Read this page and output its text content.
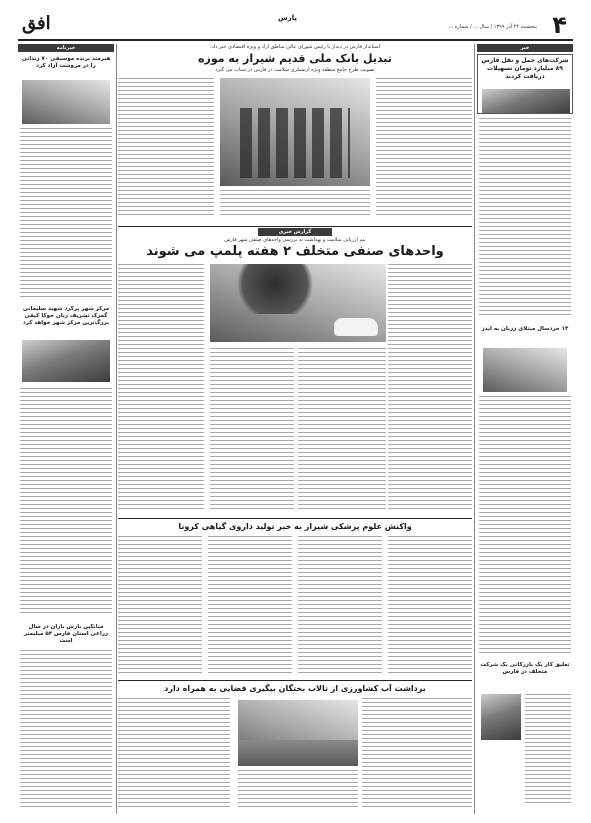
۴
پنجشنبه ۲۴ آذر ۱۳۹۹ / سال ... / شماره ...
افق	پارس
خبر
شرکت‌های حمل و نقل فارس ۸۹ میلیارد تومان تسهیلات دریافت کردند
۱۴ خردسال مبتلای ززبان به ایدز
تعلیق کار یک بازرگانی یک شرکت متخلف در فارس
خبرنامه
هنرمند برنده موسیقی ۷۰ زندانی را در مروشت آزاد کرد
مرکز شهر پرگرد شهید سلیمانی گمرک تشریف زبان خوکا کیفی بزرگ‌ترین مرکز شهر خواهد کرد
میانگین بارش باران در سال زراعی استان فارس ۵۴ میلیمتر است
استاندار فارس در دیدار با رئیس شورای عالی مناطق آزاد و ویژه اقتصادی خبر داد:
تبدیل بانک ملی قدیم شیراز به موزه
تصویب طرح جامع منطقه ویژه ارتشکری سلامت در فارس در شتاب می گیرد
گزارش خبری
تیم ارزیابی سلامت و بهداشت به بررسی واحدهای صنفی شهر فارس
واحدهای صنفی متخلف ۲ هفته پلمپ می شوند
واکنش علوم پزشکی شیراز به خبر تولید داروی گیاهی کرونا
برداشت آب کشاورزی از تالاب بختگان بیگیری قضایی به همراه دارد
